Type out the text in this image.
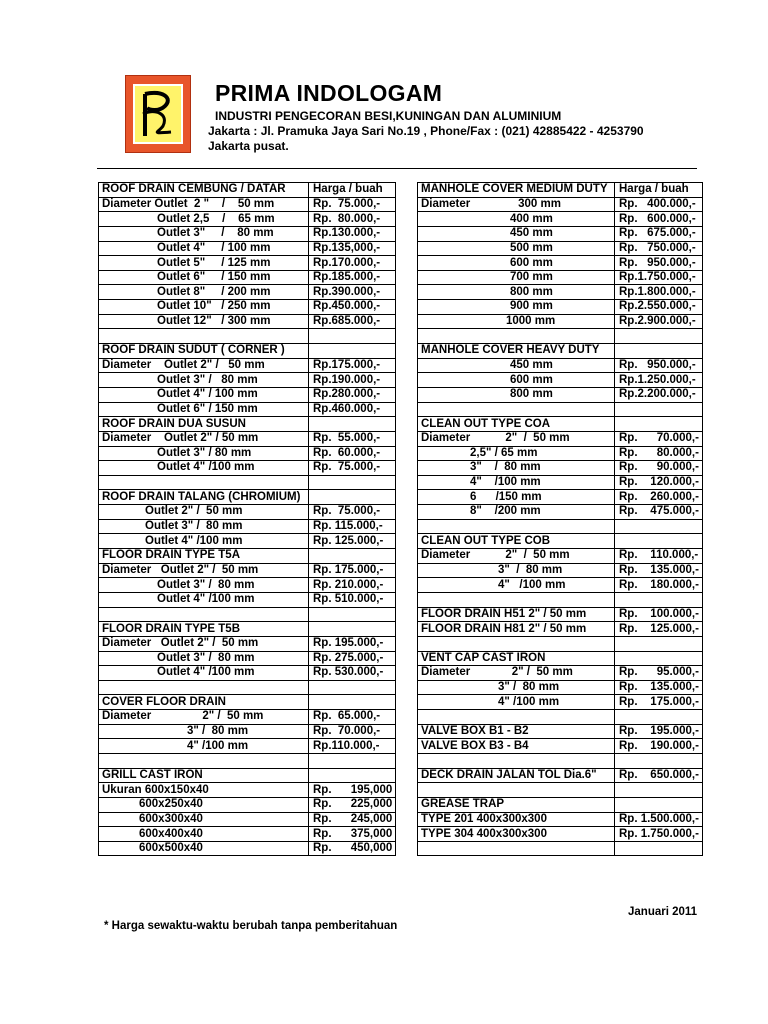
PRIMA INDOLOGAM
INDUSTRI PENGECORAN BESI,KUNINGAN DAN ALUMINIUM
Jakarta : Jl. Pramuka Jaya Sari No.19 , Phone/Fax : (021) 42885422 - 4253790
Jakarta pusat.
ROOF DRAIN CEMBUNG / DATAR	Harga / buah
Diameter Outlet  2 "    /    50 mm	Rp.  75.000,-
Outlet 2,5    /    65 mm	Rp.  80.000,-
Outlet 3"     /    80 mm	Rp.130.000,-
Outlet 4"     / 100 mm	Rp.135,000,-
Outlet 5"     / 125 mm	Rp.170.000,-
Outlet 6"     / 150 mm	Rp.185.000,-
Outlet 8"     / 200 mm	Rp.390.000,-
Outlet 10"   / 250 mm	Rp.450.000,-
Outlet 12"   / 300 mm	Rp.685.000,-

ROOF DRAIN SUDUT ( CORNER )	
Diameter    Outlet 2" /   50 mm	Rp.175.000,-
Outlet 3" /   80 mm	Rp.190.000,-
Outlet 4" / 100 mm	Rp.280.000,-
Outlet 6" / 150 mm	Rp.460.000,-
ROOF DRAIN DUA SUSUN	
Diameter    Outlet 2" / 50 mm	Rp.  55.000,-
Outlet 3" / 80 mm	Rp.  60.000,-
Outlet 4" /100 mm	Rp.  75.000,-

ROOF DRAIN TALANG (CHROMIUM)	
Outlet 2" /  50 mm	Rp.  75.000,-
Outlet 3" /  80 mm	Rp. 115.000,-
Outlet 4" /100 mm	Rp. 125.000,-
FLOOR DRAIN TYPE T5A	
Diameter   Outlet 2" /  50 mm	Rp. 175.000,-
Outlet 3" /  80 mm	Rp. 210.000,-
Outlet 4" /100 mm	Rp. 510.000,-

FLOOR DRAIN TYPE T5B	
Diameter   Outlet 2" /  50 mm	Rp. 195.000,-
Outlet 3" /  80 mm	Rp. 275.000,-
Outlet 4" /100 mm	Rp. 530.000,-

COVER FLOOR DRAIN	
Diameter                2" /  50 mm	Rp.  65.000,-
3" /  80 mm	Rp.  70.000,-
4" /100 mm	Rp.110.000,-

GRILL CAST IRON	
Ukuran 600x150x40	Rp.      195,000
600x250x40	Rp.      225,000
600x300x40	Rp.      245,000
600x400x40	Rp.      375,000
600x500x40	Rp.      450,000
MANHOLE COVER MEDIUM DUTY	Harga / buah
Diameter               300 mm	Rp.   400.000,-
400 mm	Rp.   600.000,-
450 mm	Rp.   675.000,-
500 mm	Rp.   750.000,-
600 mm	Rp.   950.000,-
700 mm	Rp.1.750.000,-
800 mm	Rp.1.800.000,-
900 mm	Rp.2.550.000,-
1000 mm	Rp.2.900.000,-

MANHOLE COVER HEAVY DUTY	
450 mm	Rp.   950.000,-
600 mm	Rp.1.250.000,-
800 mm	Rp.2.200.000,-

CLEAN OUT TYPE COA	
Diameter           2"  /  50 mm	Rp.      70.000,-
2,5" / 65 mm	Rp.      80.000,-
3"    /  80 mm	Rp.      90.000,-
4"    /100 mm	Rp.    120.000,-
6      /150 mm	Rp.    260.000,-
8"    /200 mm	Rp.    475.000,-

CLEAN OUT TYPE COB	
Diameter           2"  /  50 mm	Rp.    110.000,-
3"  /  80 mm	Rp.    135.000,-
4"   /100 mm	Rp.    180.000,-

FLOOR DRAIN H51 2" / 50 mm	Rp.    100.000,-
FLOOR DRAIN H81 2" / 50 mm	Rp.    125.000,-

VENT CAP CAST IRON	
Diameter             2" /  50 mm	Rp.      95.000,-
3" /  80 mm	Rp.    135.000,-
4" /100 mm	Rp.    175.000,-

VALVE BOX B1 - B2	Rp.    195.000,-
VALVE BOX B3 - B4	Rp.    190.000,-

DECK DRAIN JALAN TOL Dia.6"	Rp.    650.000,-

GREASE TRAP	
TYPE 201 400x300x300	Rp. 1.500.000,-
TYPE 304 400x300x300	Rp. 1.750.000,-

Januari 2011
* Harga sewaktu-waktu berubah tanpa pemberitahuan
